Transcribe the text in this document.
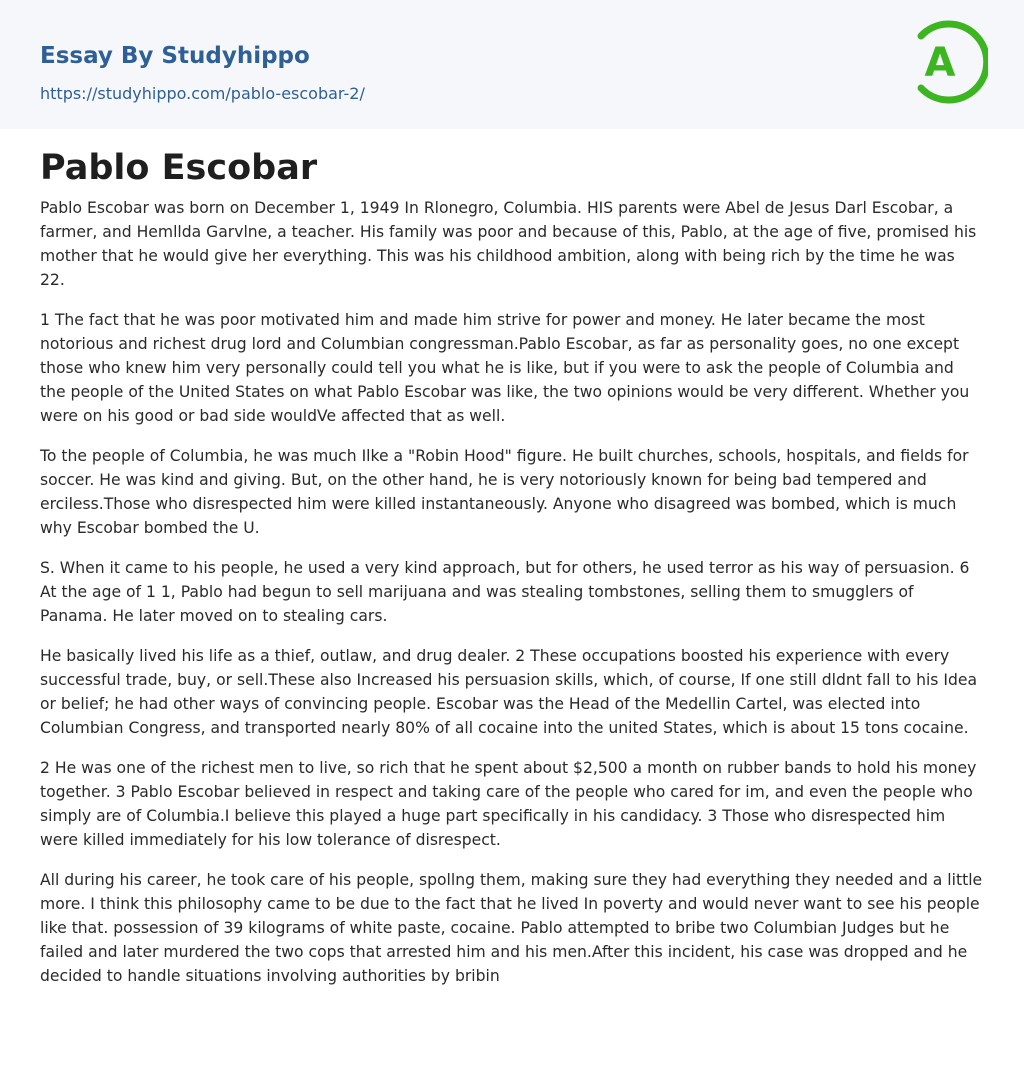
Essay By Studyhippo
https://studyhippo.com/pablo-escobar-2/
A
Pablo Escobar

Pablo Escobar was born on December 1, 1949 In Rlonegro, Columbia. HIS parents were Abel de Jesus Darl Escobar, a farmer, and Hemllda Garvlne, a teacher. His family was poor and because of this, Pablo, at the age of five, promised his mother that he would give her everything. This was his childhood ambition, along with being rich by the time he was 22.

1 The fact that he was poor motivated him and made him strive for power and money. He later became the most notorious and richest drug lord and Columbian congressman.Pablo Escobar, as far as personality goes, no one except those who knew him very personally could tell you what he is like, but if you were to ask the people of Columbia and the people of the United States on what Pablo Escobar was like, the two opinions would be very different. Whether you were on his good or bad side wouldVe affected that as well.

To the people of Columbia, he was much Ilke a "Robin Hood" figure. He built churches, schools, hospitals, and fields for soccer. He was kind and giving. But, on the other hand, he is very notoriously known for being bad tempered and erciless.Those who disrespected him were killed instantaneously. Anyone who disagreed was bombed, which is much why Escobar bombed the U.

S. When it came to his people, he used a very kind approach, but for others, he used terror as his way of persuasion. 6 At the age of 1 1, Pablo had begun to sell marijuana and was stealing tombstones, selling them to smugglers of Panama. He later moved on to stealing cars.

He basically lived his life as a thief, outlaw, and drug dealer. 2 These occupations boosted his experience with every successful trade, buy, or sell.These also Increased his persuasion skills, which, of course, If one still dldnt fall to his Idea or belief; he had other ways of convincing people. Escobar was the Head of the Medellin Cartel, was elected into Columbian Congress, and transported nearly 80% of all cocaine into the united States, which is about 15 tons cocaine.

2 He was one of the richest men to live, so rich that he spent about $2,500 a month on rubber bands to hold his money together. 3 Pablo Escobar believed in respect and taking care of the people who cared for im, and even the people who simply are of Columbia.I believe this played a huge part specifically in his candidacy. 3 Those who disrespected him were killed immediately for his low tolerance of disrespect.

All during his career, he took care of his people, spollng them, making sure they had everything they needed and a little more. I think this philosophy came to be due to the fact that he lived In poverty and would never want to see his people like that. possession of 39 kilograms of white paste, cocaine. Pablo attempted to bribe two Columbian Judges but he failed and later murdered the two cops that arrested him and his men.After this incident, his case was dropped and he decided to handle situations involving authorities by bribin
